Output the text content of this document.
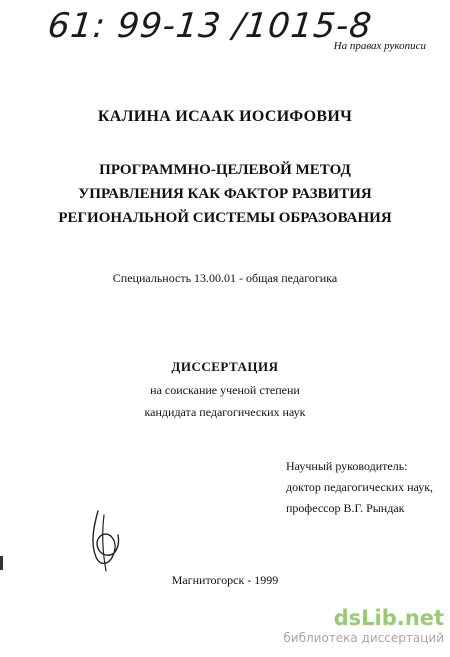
61: 99-13 /1015-8
На правах рукописи
КАЛИНА ИСААК ИОСИФОВИЧ
ПРОГРАММНО-ЦЕЛЕВОЙ МЕТОД
УПРАВЛЕНИЯ КАК ФАКТОР РАЗВИТИЯ
РЕГИОНАЛЬНОЙ СИСТЕМЫ ОБРАЗОВАНИЯ
Специальность 13.00.01 - общая педагогика
ДИССЕРТАЦИЯ
на соискание ученой степени
кандидата педагогических наук
Научный руководитель:
доктор педагогических наук,
профессор В.Г. Рындак
Магнитогорск - 1999
dsLib.net
библиотека диссертаций
